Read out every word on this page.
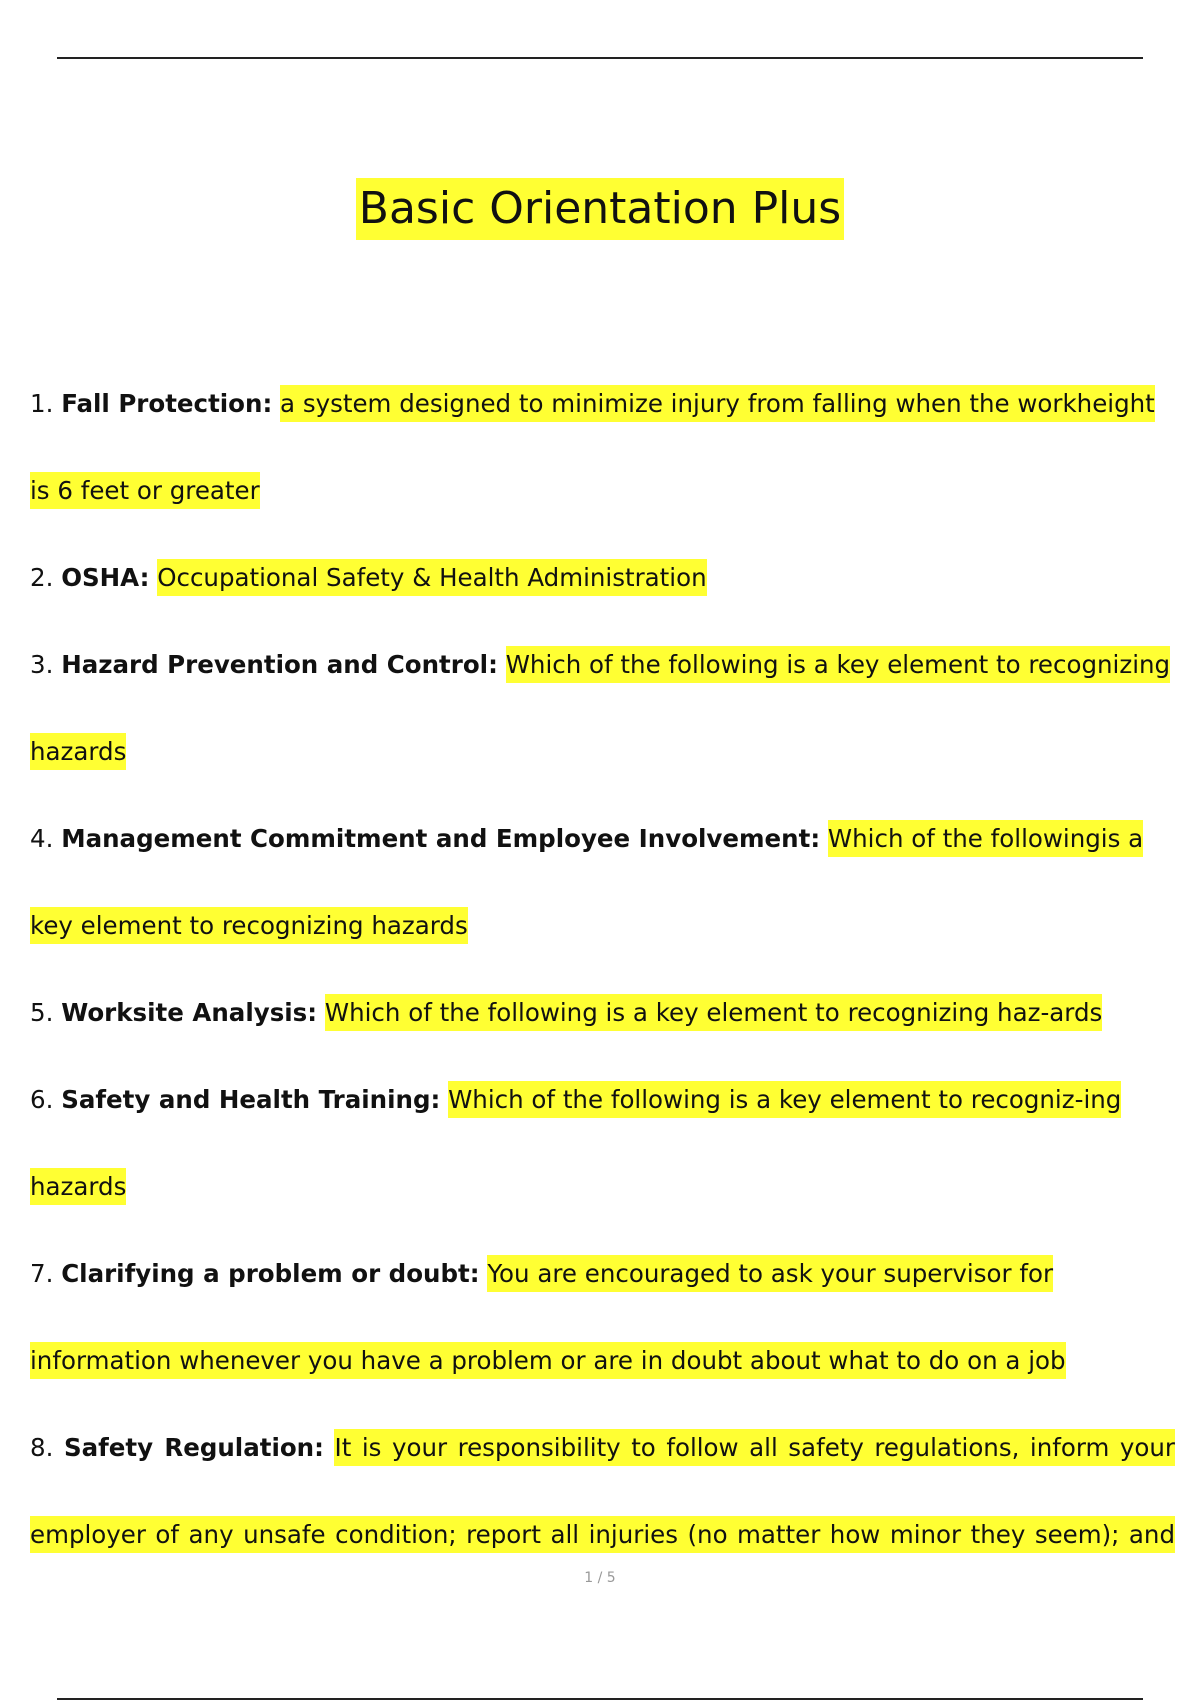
Basic Orientation Plus

1. Fall Protection: a system designed to minimize injury from falling when the workheight is 6 feet or greater

2. OSHA: Occupational Safety & Health Administration

3. Hazard Prevention and Control: Which of the following is a key element to recognizing hazards

4. Management Commitment and Employee Involvement: Which of the followingis a key element to recognizing hazards

5. Worksite Analysis: Which of the following is a key element to recognizing haz-ards

6. Safety and Health Training: Which of the following is a key element to recogniz-ing hazards

7. Clarifying a problem or doubt: You are encouraged to ask your supervisor for information whenever you have a problem or are in doubt about what to do on a job

8. Safety Regulation: It is your responsibility to follow all safety regulations, inform your employer of any unsafe condition; report all injuries (no matter how minor they seem); and

1 / 5
